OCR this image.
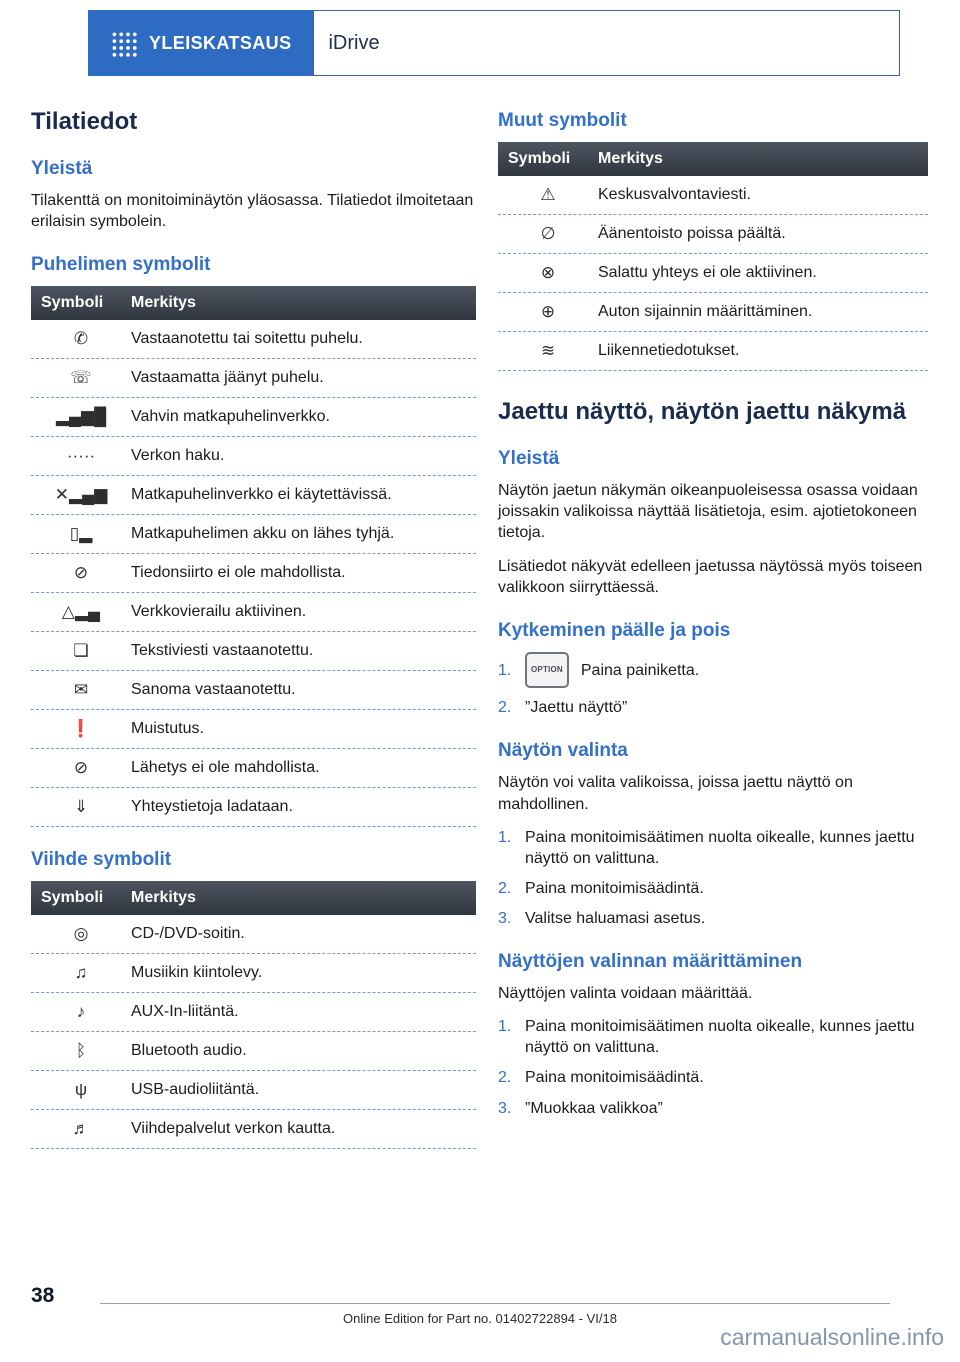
YLEISKATSAUS iDrive
Tilatiedot
Yleistä

Tilakenttä on monitoiminäytön yläosassa. Tilatiedot ilmoitetaan erilaisin symbolein.

Puhelimen symbolit
Symboli	Merkitys
✆	Vastaanotettu tai soitettu puhelu.
☏	Vastaamatta jäänyt puhelu.
▂▄▆█	Vahvin matkapuhelinverkko.
·····	Verkon haku.
✕▂▄▆	Matkapuhelinverkko ei käytettävissä.
▯▂	Matkapuhelimen akku on lähes tyhjä.
⊘	Tiedonsiirto ei ole mahdollista.
△▂▄	Verkkovierailu aktiivinen.
❏	Tekstiviesti vastaanotettu.
✉	Sanoma vastaanotettu.
❗	Muistutus.
⊘	Lähetys ei ole mahdollista.
⇓	Yhteystietoja ladataan.
Viihde symbolit
Symboli	Merkitys
◎	CD-/DVD-soitin.
♫	Musiikin kiintolevy.
♪	AUX-In-liitäntä.
ᛒ	Bluetooth audio.
ψ	USB-audioliitäntä.
♬	Viihdepalvelut verkon kautta.
Muut symbolit
Symboli	Merkitys
⚠	Keskusvalvontaviesti.
∅	Äänentoisto poissa päältä.
⊗	Salattu yhteys ei ole aktiivinen.
⊕	Auton sijainnin määrittäminen.
≋	Liikennetiedotukset.
Jaettu näyttö, näytön jaettu näkymä
Yleistä

Näytön jaetun näkymän oikeanpuoleisessa osassa voidaan joissakin valikoissa näyttää lisätietoja, esim. ajotietokoneen tietoja.

Lisätiedot näkyvät edelleen jaetussa näytössä myös toiseen valikkoon siirryttäessä.

Kytkeminen päälle ja pois
1.	OPTION	Paina painiketta.
2. ”Jaettu näyttö”
Näytön valinta

Näytön voi valita valikoissa, joissa jaettu näyttö on mahdollinen.

1. Paina monitoimisäätimen nuolta oikealle, kunnes jaettu näyttö on valittuna.
2. Paina monitoimisäädintä.
3. Valitse haluamasi asetus.
Näyttöjen valinnan määrittäminen

Näyttöjen valinta voidaan määrittää.

1. Paina monitoimisäätimen nuolta oikealle, kunnes jaettu näyttö on valittuna.
2. Paina monitoimisäädintä.
3. ”Muokkaa valikkoa”
38
Online Edition for Part no. 01402722894 - VI/18
carmanualsonline.info
